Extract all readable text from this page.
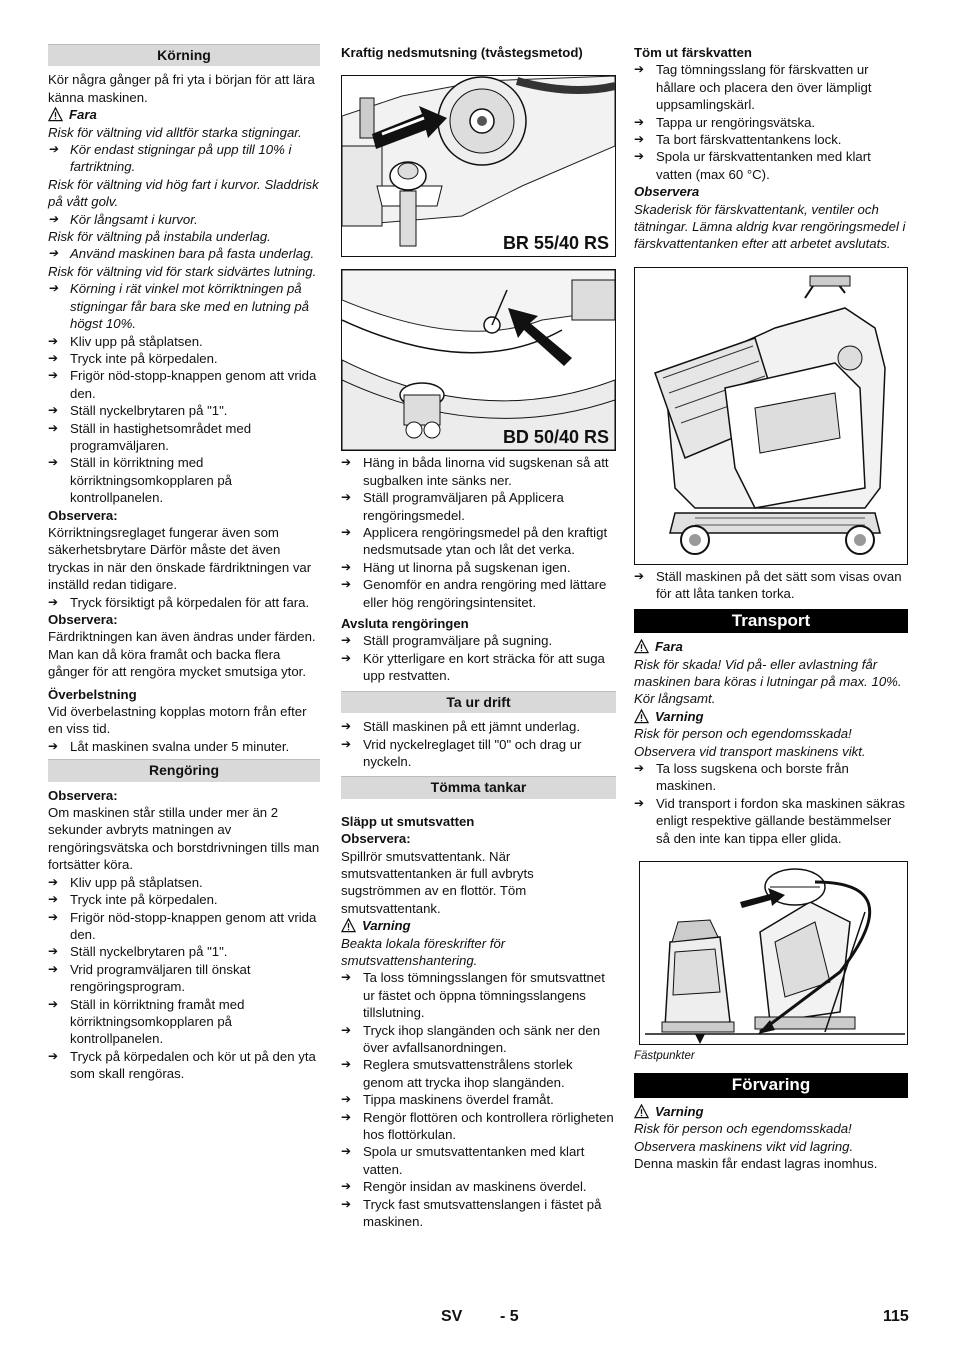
Körning

Kör några gånger på fri yta i början för att lära känna maskinen.

Fara

Risk för vältning vid alltför starka stigningar.

➔ Kör endast stigningar på upp till 10% i fartriktning.

Risk för vältning vid hög fart i kurvor. Sladdrisk på vått golv.

➔ Kör långsamt i kurvor.

Risk för vältning på instabila underlag.

➔ Använd maskinen bara på fasta underlag.

Risk för vältning vid för stark sidvärtes lutning.

➔ Körning i rät vinkel mot körriktningen på stigningar får bara ske med en lutning på högst 10%.
➔ Kliv upp på ståplatsen.
➔ Tryck inte på körpedalen.
➔ Frigör nöd-stopp-knappen genom att vrida den.
➔ Ställ nyckelbrytaren på "1".
➔ Ställ in hastighetsområdet med programväljaren.
➔ Ställ in körriktning med körriktningsomkopplaren på kontrollpanelen.

Observera:

Körriktningsreglaget fungerar även som säkerhetsbrytare Därför måste det även tryckas in när den önskade färdriktningen var inställd redan tidigare.

➔ Tryck försiktigt på körpedalen för att fara.

Observera:

Färdriktningen kan även ändras under färden. Man kan då köra framåt och backa flera gånger för att rengöra mycket smutsiga ytor.

Överbelstning

Vid överbelastning kopplas motorn från efter en viss tid.

➔ Låt maskinen svalna under 5 minuter.
Rengöring

Observera:

Om maskinen står stilla under mer än 2 sekunder avbryts matningen av rengöringsvätska och borstdrivningen tills man fortsätter köra.

➔ Kliv upp på ståplatsen.
➔ Tryck inte på körpedalen.
➔ Frigör nöd-stopp-knappen genom att vrida den.
➔ Ställ nyckelbrytaren på "1".
➔ Vrid programväljaren till önskat rengöringsprogram.
➔ Ställ in körriktning framåt med körriktningsomkopplaren på kontrollpanelen.
➔ Tryck på körpedalen och kör ut på den yta som skall rengöras.

Kraftig nedsmutsning (tvåstegsmetod)

BR 55/40 RS
BD 50/40 RS
➔ Häng in båda linorna vid sugskenan så att sugbalken inte sänks ner.
➔ Ställ programväljaren på Applicera rengöringsmedel.
➔ Applicera rengöringsmedel på den kraftigt nedsmutsade ytan och låt det verka.
➔ Häng ut linorna på sugskenan igen.
➔ Genomför en andra rengöring med lättare eller hög rengöringsintensitet.

Avsluta rengöringen

➔ Ställ programväljare på sugning.
➔ Kör ytterligare en kort sträcka för att suga upp restvatten.
Ta ur drift
➔ Ställ maskinen på ett jämnt underlag.
➔ Vrid nyckelreglaget till "0" och drag ur nyckeln.
Tömma tankar

Släpp ut smutsvatten

Observera:

Spillrör smutsvattentank. När smutsvattentanken är full avbryts sugströmmen av en flottör. Töm smutsvattentank.

Varning

Beakta lokala föreskrifter för smutsvattenshantering.

➔ Ta loss tömningsslangen för smutsvattnet ur fästet och öppna tömningsslangens tillslutning.
➔ Tryck ihop slangänden och sänk ner den över avfallsanordningen.
➔ Reglera smutsvattenstrålens storlek genom att trycka ihop slangänden.
➔ Tippa maskinens överdel framåt.
➔ Rengör flottören och kontrollera rörligheten hos flottörkulan.
➔ Spola ur smutsvattentanken med klart vatten.
➔ Rengör insidan av maskinens överdel.
➔ Tryck fast smutsvattenslangen i fästet på maskinen.

Töm ut färskvatten

➔ Tag tömningsslang för färskvatten ur hållare och placera den över lämpligt uppsamlingskärl.
➔ Tappa ur rengöringsvätska.
➔ Ta bort färskvattentankens lock.
➔ Spola ur färskvattentanken med klart vatten (max 60 °C).

Observera

Skaderisk för färskvattentank, ventiler och tätningar. Lämna aldrig kvar rengöringsmedel i färskvattentanken efter att arbetet avslutats.

➔ Ställ maskinen på det sätt som visas ovan för att låta tanken torka.
Transport
Fara

Risk för skada! Vid på- eller avlastning får maskinen bara köras i lutningar på max. 10%. Kör långsamt.

Varning

Risk för person och egendomsskada! Observera vid transport maskinens vikt.

➔ Ta loss sugskena och borste från maskinen.
➔ Vid transport i fordon ska maskinen säkras enligt respektive gällande bestämmelser så den inte kan tippa eller glida.

Fästpunkter

Förvaring
Varning

Risk för person och egendomsskada! Observera maskinens vikt vid lagring.

Denna maskin får endast lagras inomhus.

SV - 5	115
